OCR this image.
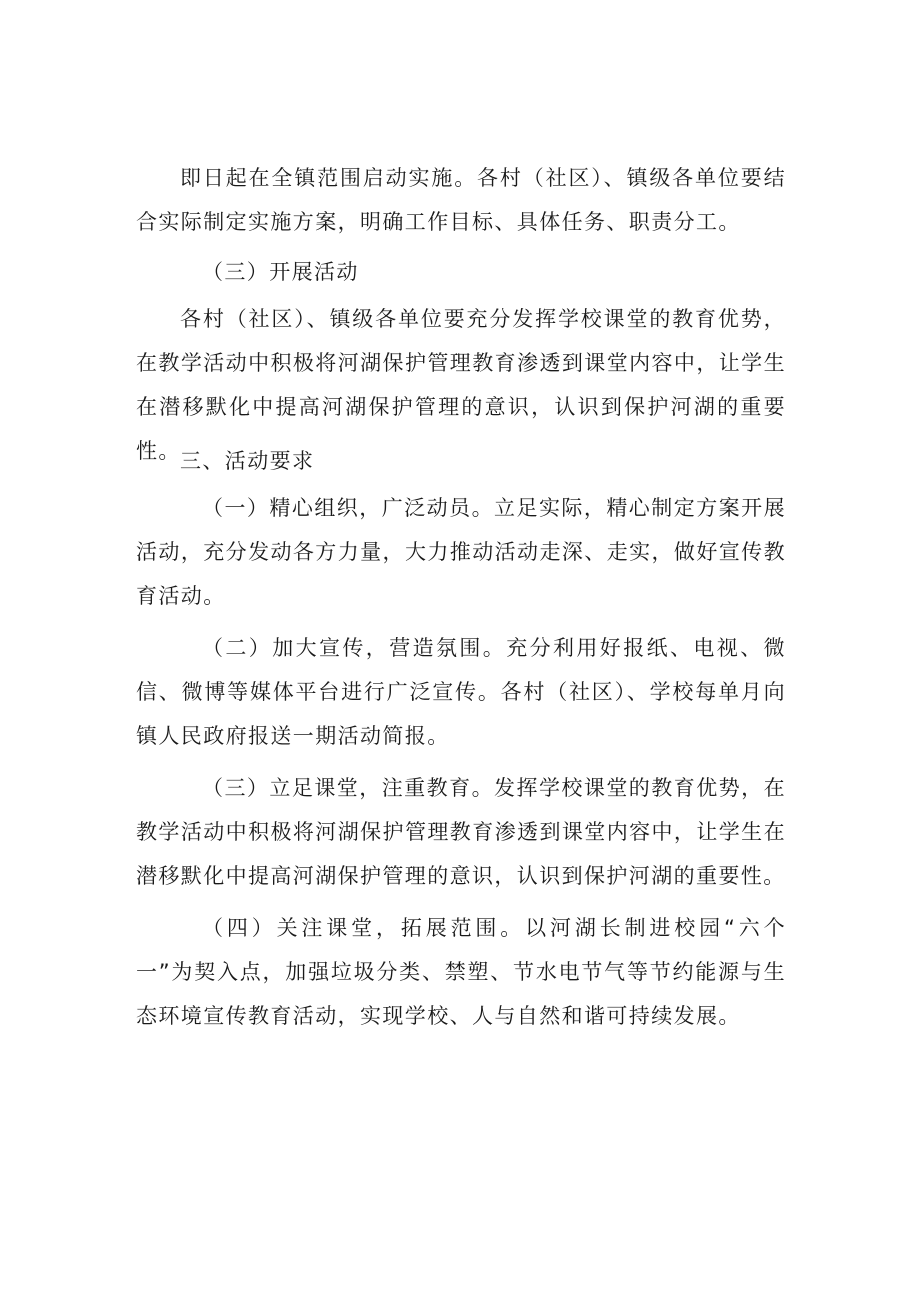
即日起在全镇范围启动实施。各村（社区）、镇级各单位要结合实际制定实施方案，明确工作目标、具体任务、职责分工。

（三）开展活动

各村（社区）、镇级各单位要充分发挥学校课堂的教育优势，在教学活动中积极将河湖保护管理教育渗透到课堂内容中，让学生在潜移默化中提高河湖保护管理的意识，认识到保护河湖的重要性。 三、活动要求

（一）精心组织，广泛动员。立足实际，精心制定方案开展活动，充分发动各方力量，大力推动活动走深、走实，做好宣传教育活动。

（二）加大宣传，营造氛围。充分利用好报纸、电视、微信、微博等媒体平台进行广泛宣传。各村（社区）、学校每单月向镇人民政府报送一期活动简报。

（三）立足课堂，注重教育。发挥学校课堂的教育优势，在教学活动中积极将河湖保护管理教育渗透到课堂内容中，让学生在潜移默化中提高河湖保护管理的意识，认识到保护河湖的重要性。

（四）关注课堂，拓展范围。以河湖长制进校园“六个一”为契入点，加强垃圾分类、禁塑、节水电节气等节约能源与生态环境宣传教育活动，实现学校、人与自然和谐可持续发展。
